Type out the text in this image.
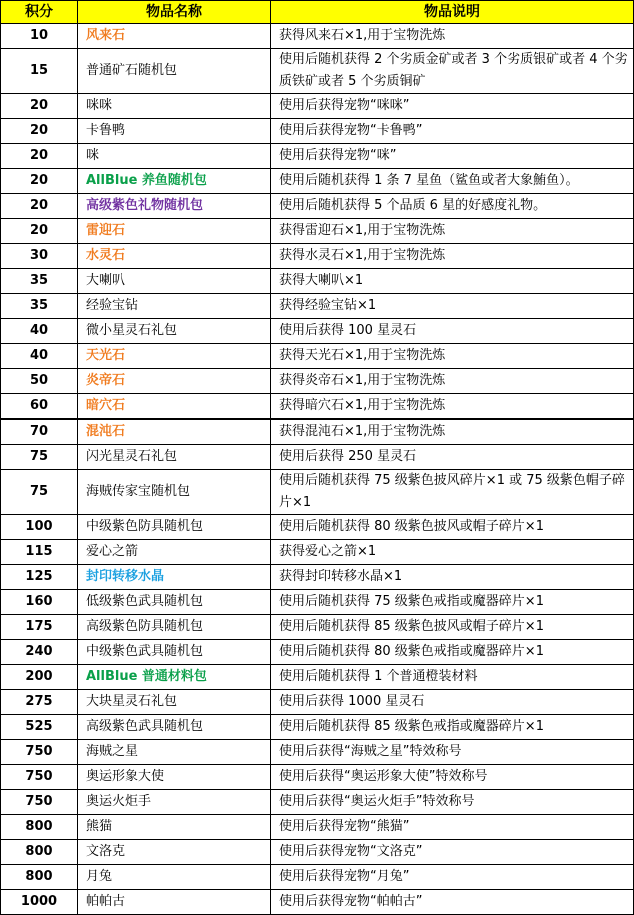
积分	物品名称	物品说明
10	风来石	获得风来石×1,用于宝物洗炼
15	普通矿石随机包	使用后随机获得 2 个劣质金矿或者 3 个劣质银矿或者 4 个劣质铁矿或者 5 个劣质铜矿
20	咪咪	使用后获得宠物“咪咪”
20	卡鲁鸭	使用后获得宠物“卡鲁鸭”
20	咪	使用后获得宠物“咪”
20	AllBlue 养鱼随机包	使用后随机获得 1 条 7 星鱼（鲨鱼或者大象鮪鱼）。
20	高级紫色礼物随机包	使用后随机获得 5 个品质 6 星的好感度礼物。
20	雷迎石	获得雷迎石×1,用于宝物洗炼
30	水灵石	获得水灵石×1,用于宝物洗炼
35	大喇叭	获得大喇叭×1
35	经验宝钻	获得经验宝钻×1
40	微小星灵石礼包	使用后获得 100 星灵石
40	天光石	获得天光石×1,用于宝物洗炼
50	炎帝石	获得炎帝石×1,用于宝物洗炼
60	暗穴石	获得暗穴石×1,用于宝物洗炼
70	混沌石	获得混沌石×1,用于宝物洗炼
75	闪光星灵石礼包	使用后获得 250 星灵石
75	海贼传家宝随机包	使用后随机获得 75 级紫色披风碎片×1 或 75 级紫色帽子碎片×1
100	中级紫色防具随机包	使用后随机获得 80 级紫色披风或帽子碎片×1
115	爱心之箭	获得爱心之箭×1
125	封印转移水晶	获得封印转移水晶×1
160	低级紫色武具随机包	使用后随机获得 75 级紫色戒指或魔器碎片×1
175	高级紫色防具随机包	使用后随机获得 85 级紫色披风或帽子碎片×1
240	中级紫色武具随机包	使用后随机获得 80 级紫色戒指或魔器碎片×1
200	AllBlue 普通材料包	使用后随机获得 1 个普通橙装材料
275	大块星灵石礼包	使用后获得 1000 星灵石
525	高级紫色武具随机包	使用后随机获得 85 级紫色戒指或魔器碎片×1
750	海贼之星	使用后获得“海贼之星”特效称号
750	奥运形象大使	使用后获得“奥运形象大使”特效称号
750	奥运火炬手	使用后获得“奥运火炬手”特效称号
800	熊猫	使用后获得宠物“熊猫”
800	文洛克	使用后获得宠物“文洛克”
800	月兔	使用后获得宠物“月兔”
1000	帕帕古	使用后获得宠物“帕帕古”
